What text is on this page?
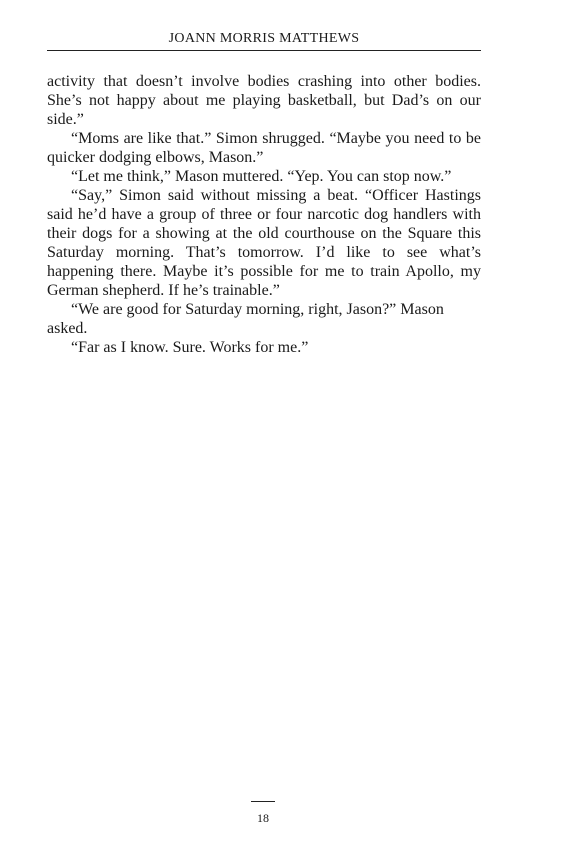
JOANN MORRIS MATTHEWS

activity that doesn’t involve bodies crashing into other bodies. She’s not happy about me playing basketball, but Dad’s on our side.”

“Moms are like that.” Simon shrugged. “Maybe you need to be quicker dodging elbows, Mason.”

“Let me think,” Mason muttered. “Yep. You can stop now.”

“Say,” Simon said without missing a beat. “Officer Hastings said he’d have a group of three or four narcotic dog handlers with their dogs for a showing at the old courthouse on the Square this Saturday morning. That’s tomorrow. I’d like to see what’s happening there. Maybe it’s possible for me to train Apollo, my German shepherd. If he’s trainable.”

“We are good for Saturday morning, right, Jason?” Mason asked.

“Far as I know. Sure. Works for me.”

18
